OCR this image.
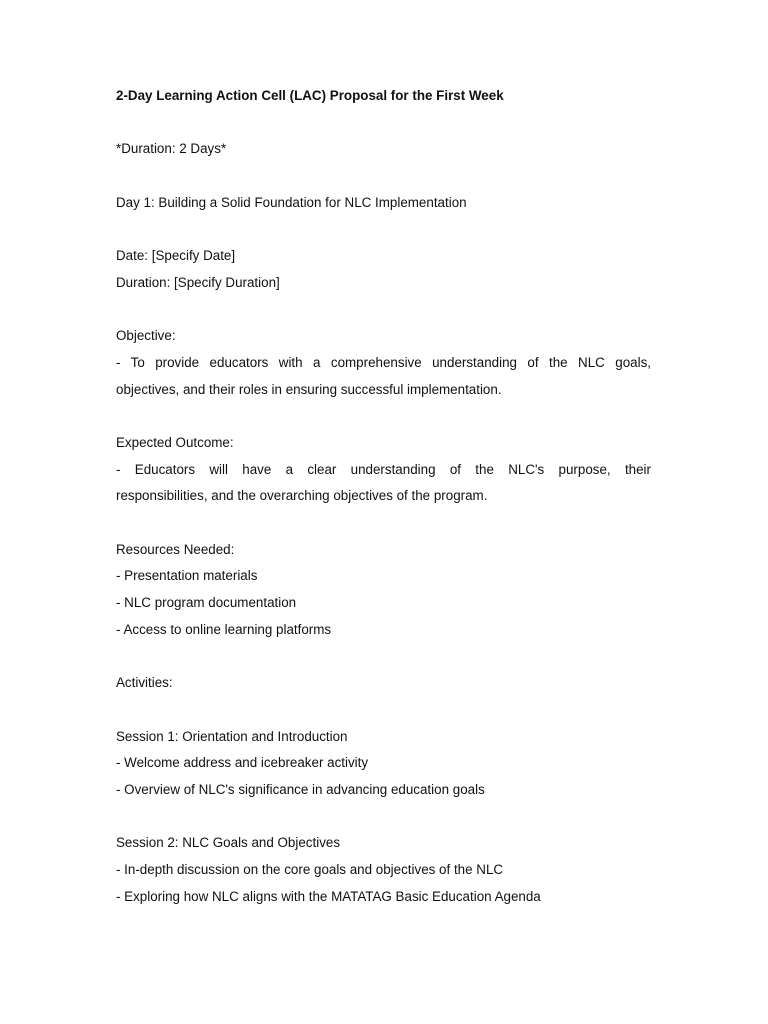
2-Day Learning Action Cell (LAC) Proposal for the First Week
*Duration: 2 Days*
Day 1: Building a Solid Foundation for NLC Implementation
Date: [Specify Date]
Duration: [Specify Duration]
Objective:
- To provide educators with a comprehensive understanding of the NLC goals,
objectives, and their roles in ensuring successful implementation.
Expected Outcome:
- Educators will have a clear understanding of the NLC's purpose, their
responsibilities, and the overarching objectives of the program.
Resources Needed:
- Presentation materials
- NLC program documentation
- Access to online learning platforms
Activities:
Session 1: Orientation and Introduction
- Welcome address and icebreaker activity
- Overview of NLC's significance in advancing education goals
Session 2: NLC Goals and Objectives
- In-depth discussion on the core goals and objectives of the NLC
- Exploring how NLC aligns with the MATATAG Basic Education Agenda
